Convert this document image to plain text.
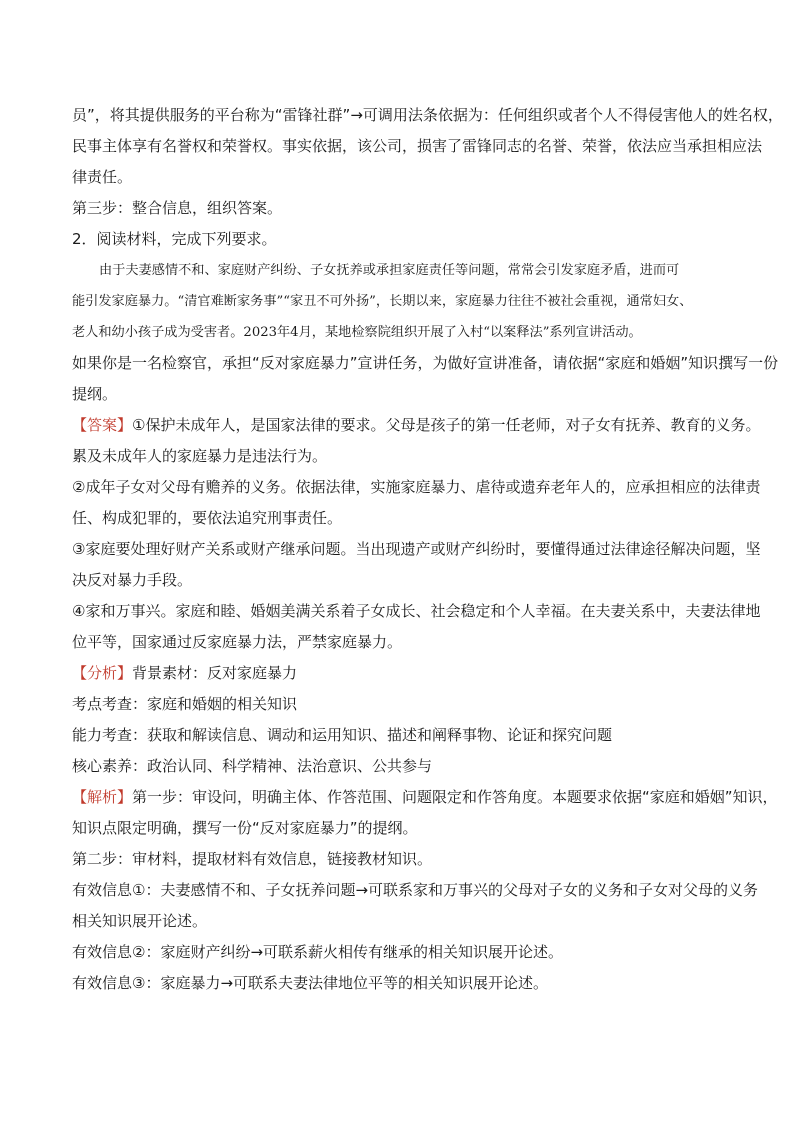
员”，将其提供服务的平台称为“雷锋社群”→可调用法条依据为：任何组织或者个人不得侵害他人的姓名权，
民事主体享有名誉权和荣誉权。事实依据，该公司，损害了雷锋同志的名誉、荣誉，依法应当承担相应法
律责任。
第三步：整合信息，组织答案。
2．阅读材料，完成下列要求。
由于夫妻感情不和、家庭财产纠纷、子女抚养或承担家庭责任等问题，常常会引发家庭矛盾，进而可
能引发家庭暴力。“清官难断家务事”“家丑不可外扬”，长期以来，家庭暴力往往不被社会重视，通常妇女、
老人和幼小孩子成为受害者。2023年4月，某地检察院组织开展了入村“以案释法”系列宣讲活动。
如果你是一名检察官，承担“反对家庭暴力”宣讲任务，为做好宣讲准备，请依据“家庭和婚姻”知识撰写一份
提纲。
【答案】①保护未成年人，是国家法律的要求。父母是孩子的第一任老师，对子女有抚养、教育的义务。
累及未成年人的家庭暴力是违法行为。
②成年子女对父母有赡养的义务。依据法律，实施家庭暴力、虐待或遗弃老年人的，应承担相应的法律责
任、构成犯罪的，要依法追究刑事责任。
③家庭要处理好财产关系或财产继承问题。当出现遗产或财产纠纷时，要懂得通过法律途径解决问题，坚
决反对暴力手段。
④家和万事兴。家庭和睦、婚姻美满关系着子女成长、社会稳定和个人幸福。在夫妻关系中，夫妻法律地
位平等，国家通过反家庭暴力法，严禁家庭暴力。
【分析】背景素材：反对家庭暴力
考点考查：家庭和婚姻的相关知识
能力考查：获取和解读信息、调动和运用知识、描述和阐释事物、论证和探究问题
核心素养：政治认同、科学精神、法治意识、公共参与
【解析】第一步：审设问，明确主体、作答范围、问题限定和作答角度。本题要求依据“家庭和婚姻”知识，
知识点限定明确，撰写一份“反对家庭暴力”的提纲。
第二步：审材料，提取材料有效信息，链接教材知识。
有效信息①：夫妻感情不和、子女抚养问题→可联系家和万事兴的父母对子女的义务和子女对父母的义务
相关知识展开论述。
有效信息②：家庭财产纠纷→可联系薪火相传有继承的相关知识展开论述。
有效信息③：家庭暴力→可联系夫妻法律地位平等的相关知识展开论述。
